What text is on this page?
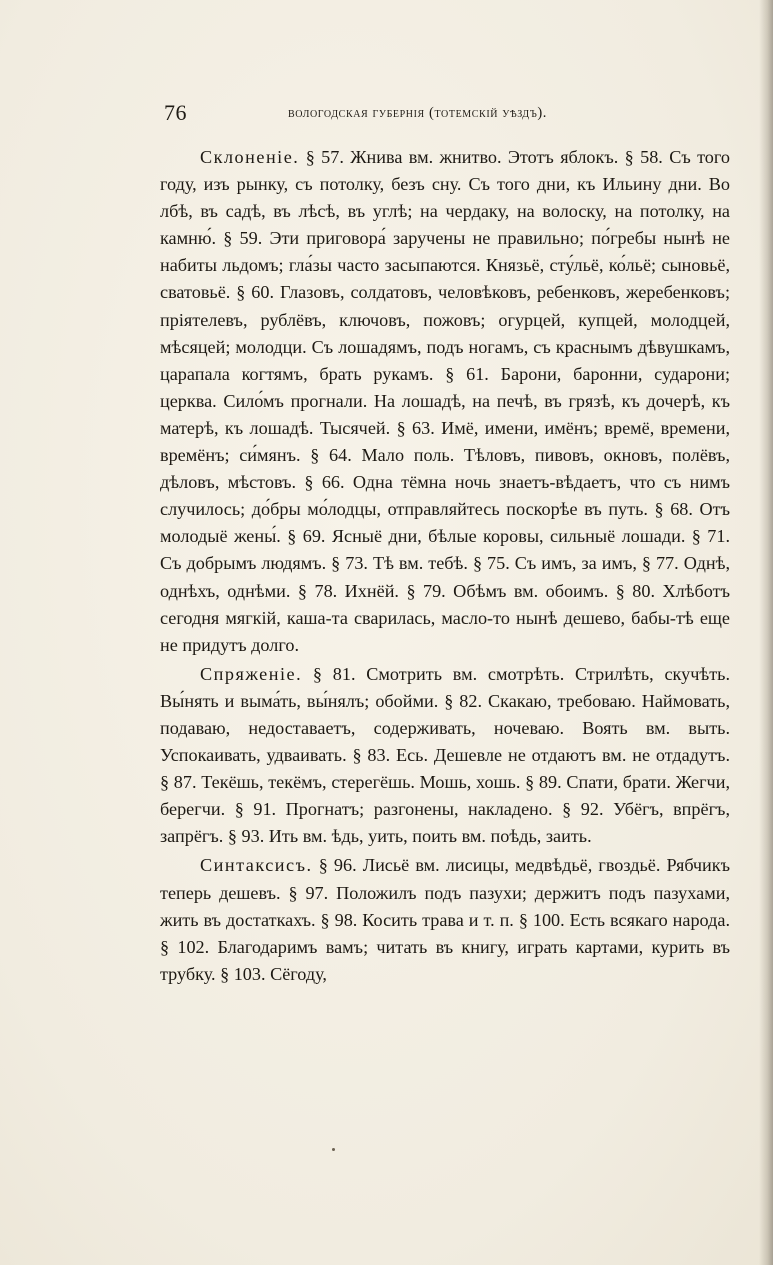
76	вологодская губернія (тотемскій уѣздъ).

Склоненіе. § 57. Жнива вм. жнитво. Этотъ яблокъ. § 58. Съ того году, изъ рынку, съ потолку, безъ сну. Съ того дни, къ Ильину дни. Во лбѣ, въ садѣ, въ лѣсѣ, въ углѣ; на чердаку, на волоску, на потолку, на камню́. § 59. Эти приговора́ заручены не правильно; по́гребы нынѣ не набиты льдомъ; гла́зы часто засыпаются. Князьё, сту́льё, ко́льё; сыновьё, сватовьё. § 60. Глазовъ, солдатовъ, человѣковъ, ребенковъ, жеребенковъ; пріятелевъ, рублёвъ, ключовъ, пожовъ; огурцей, купцей, молодцей, мѣсяцей; молодци. Съ лошадямъ, подъ ногамъ, съ краснымъ дѣвушкамъ, царапала когтямъ, брать рукамъ. § 61. Барони, баронни, сударони; церква. Сило́мъ прогнали. На лошадѣ, на печѣ, въ грязѣ, къ дочерѣ, къ матерѣ, къ лошадѣ. Тысячей. § 63. Имё, имени, имёнъ; времё, времени, времёнъ; си́мянъ. § 64. Мало поль. Тѣловъ, пивовъ, окновъ, полёвъ, дѣловъ, мѣстовъ. § 66. Одна тёмна ночь знаетъ-вѣдаетъ, что съ нимъ случилось; до́бры мо́лодцы, отправляйтесь поскорѣе въ путь. § 68. Отъ молодыё жены́. § 69. Ясныё дни, бѣлые коровы, сильныё лошади. § 71. Съ добрымъ людямъ. § 73. Тѣ вм. тебѣ. § 75. Съ имъ, за имъ, § 77. Однѣ, однѣхъ, однѣми. § 78. Ихнёй. § 79. Обѣмъ вм. обоимъ. § 80. Хлѣботъ сегодня мягкій, каша-та сварилась, масло-то нынѣ дешево, бабы-тѣ еще не придутъ долго.

Спряженіе. § 81. Смотрить вм. смотрѣть. Стрилѣть, скучѣть. Вы́нять и выма́ть, вы́нялъ; обойми. § 82. Скакаю, требоваю. Наймовать, подаваю, недоставаетъ, содерживать, ночеваю. Воять вм. выть. Успокаивать, удваивать. § 83. Есь. Дешевле не отдаютъ вм. не отдадутъ. § 87. Текёшь, текёмъ, стерегёшь. Мошь, хошь. § 89. Спати, брати. Жегчи, берегчи. § 91. Прогнатъ; разгонены, накладено. § 92. Убёгъ, впрёгъ, запрёгъ. § 93. Ить вм. ѣдь, уить, поить вм. поѣдь, заить.

Синтаксисъ. § 96. Лисьё вм. лисицы, медвѣдьё, гвоздьё. Рябчикъ теперь дешевъ. § 97. Положилъ подъ пазухи; держитъ подъ пазухами, жить въ достаткахъ. § 98. Косить трава и т. п. § 100. Есть всякаго народа. § 102. Благодаримъ вамъ; читать въ книгу, играть картами, курить въ трубку. § 103. Сёгоду,
